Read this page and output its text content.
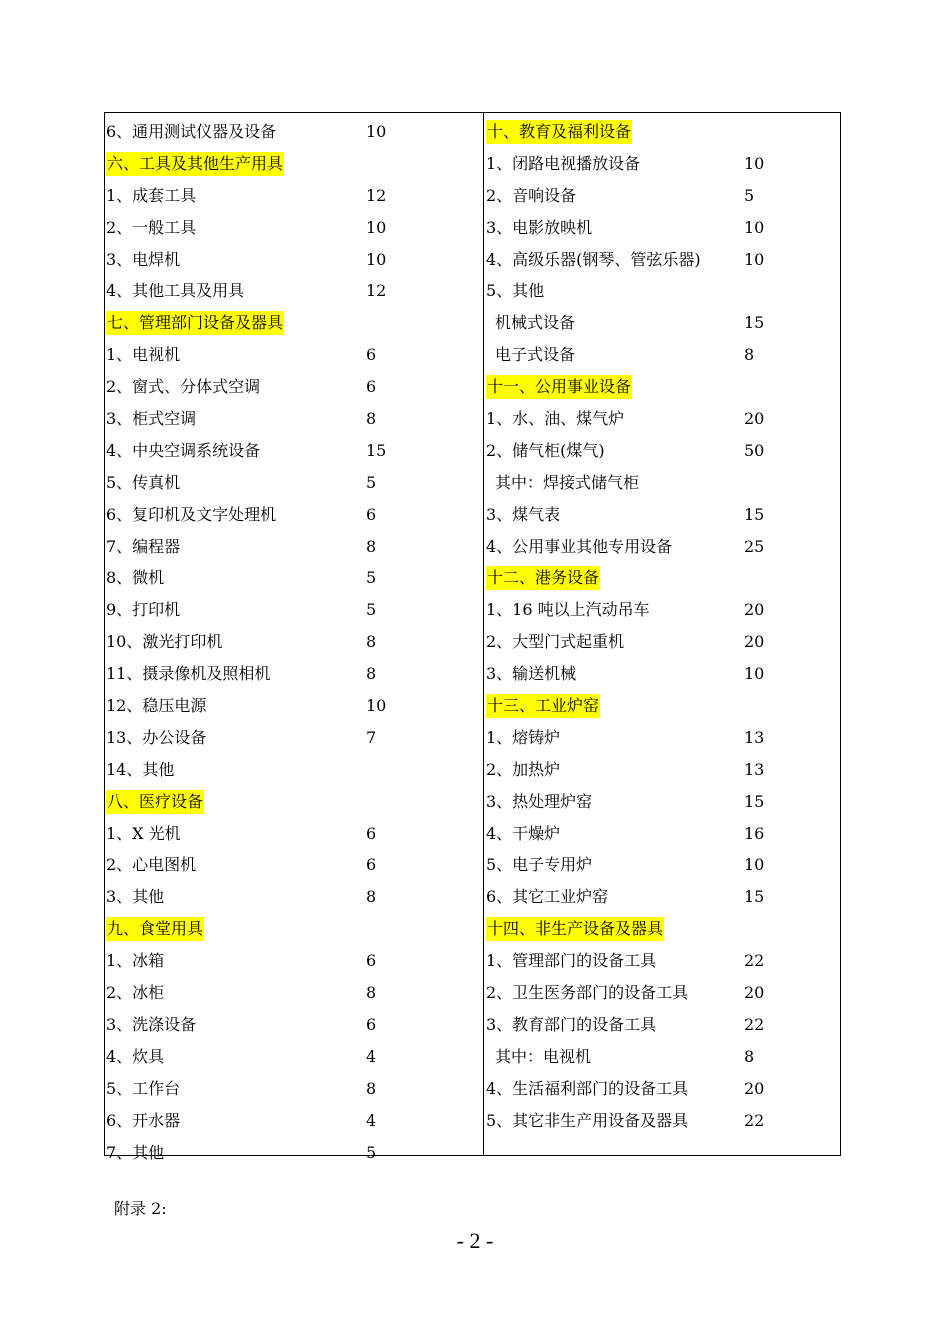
6、通用测试仪器及设备	10
六、工具及其他生产用具
1、成套工具	12
2、一般工具	10
3、电焊机	10
4、其他工具及用具	12
七、管理部门设备及器具
1、电视机	6
2、窗式、分体式空调	6
3、柜式空调	8
4、中央空调系统设备	15
5、传真机	5
6、复印机及文字处理机	6
7、编程器	8
8、微机	5
9、打印机	5
10、激光打印机	8
11、摄录像机及照相机	8
12、稳压电源	10
13、办公设备	7
14、其他
八、医疗设备
1、X 光机	6
2、心电图机	6
3、其他	8
九、食堂用具
1、冰箱	6
2、冰柜	8
3、洗涤设备	6
4、炊具	4
5、工作台	8
6、开水器	4
7、其他	5
十、教育及福利设备
1、闭路电视播放设备	10
2、音响设备	5
3、电影放映机	10
4、高级乐器(钢琴、管弦乐器)	10
5、其他
机械式设备	15
电子式设备	8
十一、公用事业设备
1、水、油、煤气炉	20
2、储气柜(煤气)	50
其中：焊接式储气柜
3、煤气表	15
4、公用事业其他专用设备	25
十二、港务设备
1、16 吨以上汽动吊车	20
2、大型门式起重机	20
3、输送机械	10
十三、工业炉窑
1、熔铸炉	13
2、加热炉	13
3、热处理炉窑	15
4、干燥炉	16
5、电子专用炉	10
6、其它工业炉窑	15
十四、非生产设备及器具
1、管理部门的设备工具	22
2、卫生医务部门的设备工具	20
3、教育部门的设备工具	22
其中：电视机	8
4、生活福利部门的设备工具	20
5、其它非生产用设备及器具	22
附录 2:
- 2 -
